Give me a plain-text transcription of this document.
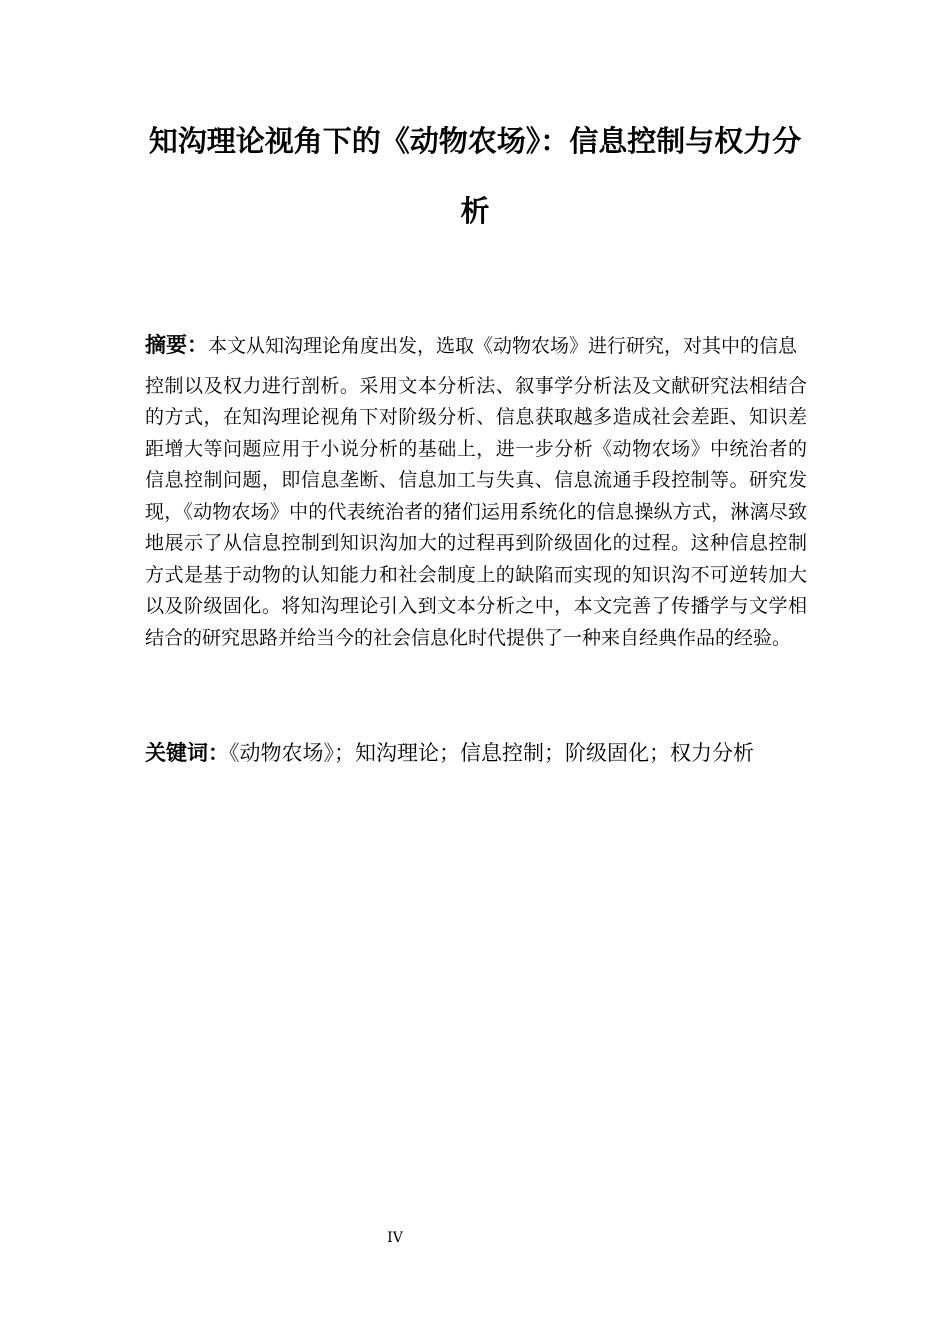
知沟理论视角下的《动物农场》：信息控制与权力分析
摘要：本文从知沟理论角度出发，选取《动物农场》进行研究，对其中的信息
控制以及权力进行剖析。采用文本分析法、叙事学分析法及文献研究法相结合的方式，在知沟理论视角下对阶级分析、信息获取越多造成社会差距、知识差距增大等问题应用于小说分析的基础上，进一步分析《动物农场》中统治者的信息控制问题，即信息垄断、信息加工与失真、信息流通手段控制等。研究发现，《动物农场》中的代表统治者的猪们运用系统化的信息操纵方式，淋漓尽致地展示了从信息控制到知识沟加大的过程再到阶级固化的过程。这种信息控制方式是基于动物的认知能力和社会制度上的缺陷而实现的知识沟不可逆转加大以及阶级固化。将知沟理论引入到文本分析之中，本文完善了传播学与文学相结合的研究思路并给当今的社会信息化时代提供了一种来自经典作品的经验。
关键词：《动物农场》；知沟理论；信息控制；阶级固化；权力分析
IV
